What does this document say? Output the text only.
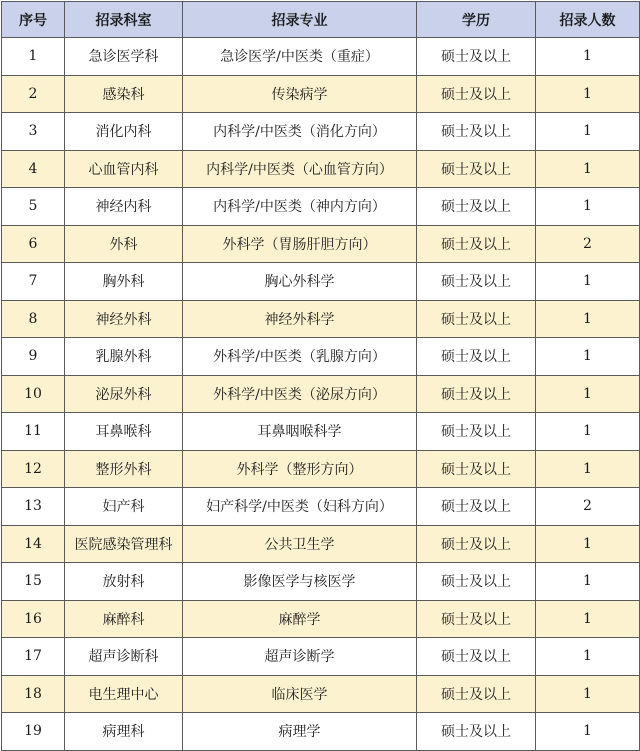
序号	招录科室	招录专业	学历	招录人数
1	急诊医学科	急诊医学/中医类（重症）	硕士及以上	1
2	感染科	传染病学	硕士及以上	1
3	消化内科	内科学/中医类（消化方向）	硕士及以上	1
4	心血管内科	内科学/中医类（心血管方向）	硕士及以上	1
5	神经内科	内科学/中医类（神内方向）	硕士及以上	1
6	外科	外科学（胃肠肝胆方向）	硕士及以上	2
7	胸外科	胸心外科学	硕士及以上	1
8	神经外科	神经外科学	硕士及以上	1
9	乳腺外科	外科学/中医类（乳腺方向）	硕士及以上	1
10	泌尿外科	外科学/中医类（泌尿方向）	硕士及以上	1
11	耳鼻喉科	耳鼻咽喉科学	硕士及以上	1
12	整形外科	外科学（整形方向）	硕士及以上	1
13	妇产科	妇产科学/中医类（妇科方向）	硕士及以上	2
14	医院感染管理科	公共卫生学	硕士及以上	1
15	放射科	影像医学与核医学	硕士及以上	1
16	麻醉科	麻醉学	硕士及以上	1
17	超声诊断科	超声诊断学	硕士及以上	1
18	电生理中心	临床医学	硕士及以上	1
19	病理科	病理学	硕士及以上	1
